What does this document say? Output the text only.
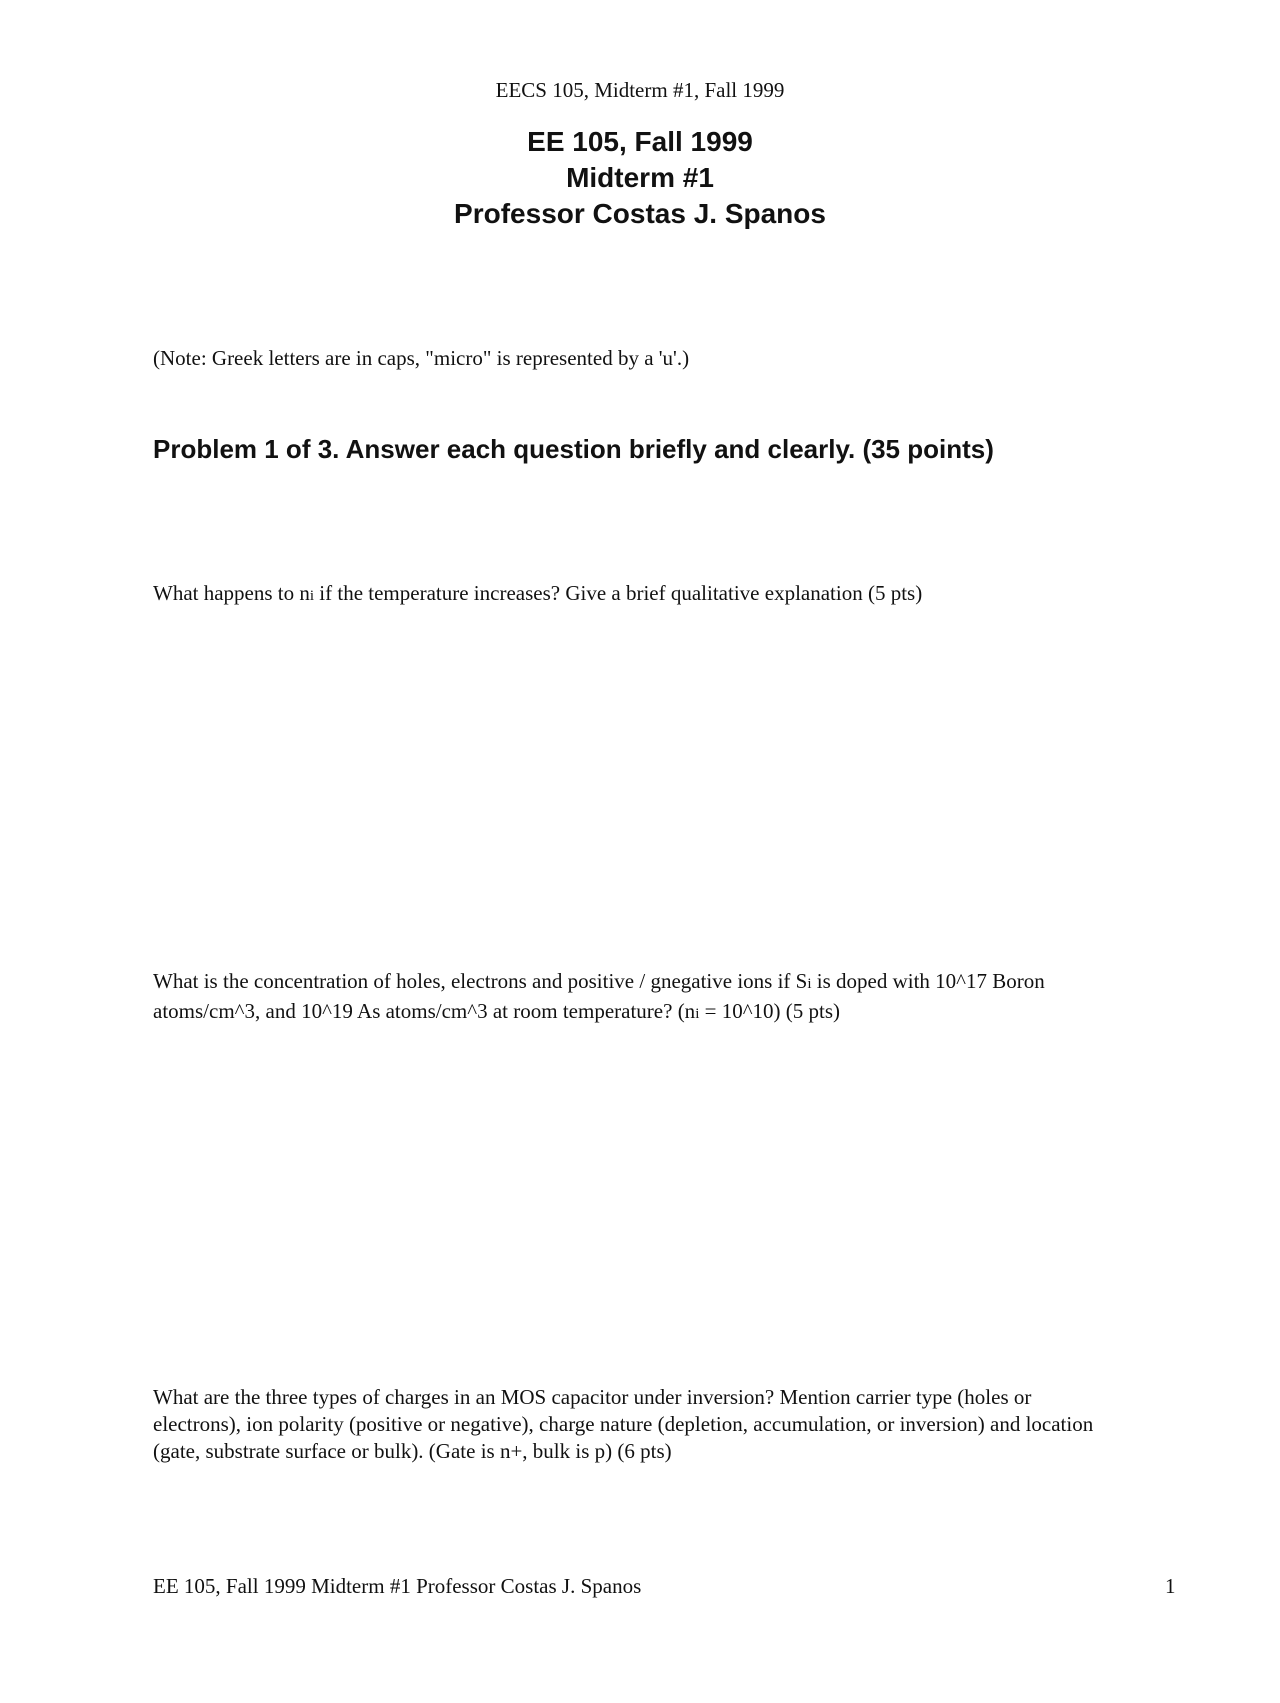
EECS 105, Midterm #1, Fall 1999
EE 105, Fall 1999
Midterm #1
Professor Costas J. Spanos
(Note: Greek letters are in caps, "micro" is represented by a 'u'.)
Problem 1 of 3. Answer each question briefly and clearly. (35 points)
What happens to ni if the temperature increases? Give a brief qualitative explanation (5 pts)
What is the concentration of holes, electrons and positive / gnegative ions if Si is doped with 10^17 Boron atoms/cm^3, and 10^19 As atoms/cm^3 at room temperature? (ni = 10^10) (5 pts)
What are the three types of charges in an MOS capacitor under inversion? Mention carrier type (holes or electrons), ion polarity (positive or negative), charge nature (depletion, accumulation, or inversion) and location (gate, substrate surface or bulk). (Gate is n+, bulk is p) (6 pts)
EE 105, Fall 1999 Midterm #1 Professor Costas J. Spanos	1
